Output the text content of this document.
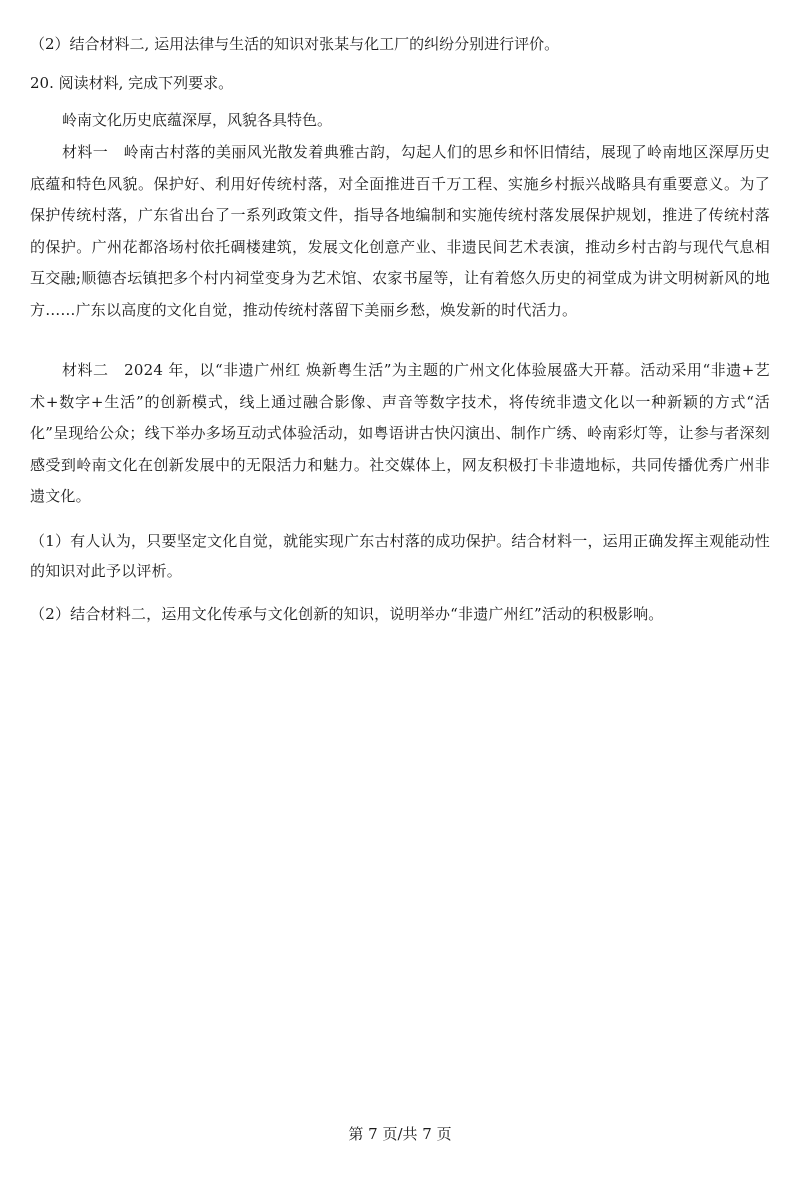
（2）结合材料二, 运用法律与生活的知识对张某与化工厂的纠纷分别进行评价。
20. 阅读材料, 完成下列要求。
岭南文化历史底蕴深厚，风貌各具特色。
材料一　岭南古村落的美丽风光散发着典雅古韵，勾起人们的思乡和怀旧情结，展现了岭南地区深厚历史底蕴和特色风貌。保护好、利用好传统村落，对全面推进百千万工程、实施乡村振兴战略具有重要意义。为了保护传统村落，广东省出台了一系列政策文件，指导各地编制和实施传统村落发展保护规划，推进了传统村落的保护。广州花都洛场村依托碉楼建筑，发展文化创意产业、非遗民间艺术表演，推动乡村古韵与现代气息相互交融;顺德杏坛镇把多个村内祠堂变身为艺术馆、农家书屋等，让有着悠久历史的祠堂成为讲文明树新风的地方……广东以高度的文化自觉，推动传统村落留下美丽乡愁，焕发新的时代活力。
材料二　2024 年，以“非遗广州红 焕新粤生活”为主题的广州文化体验展盛大开幕。活动采用“非遗+艺术+数字+生活”的创新模式，线上通过融合影像、声音等数字技术，将传统非遗文化以一种新颖的方式“活化”呈现给公众；线下举办多场互动式体验活动，如粤语讲古快闪演出、制作广绣、岭南彩灯等，让参与者深刻感受到岭南文化在创新发展中的无限活力和魅力。社交媒体上，网友积极打卡非遗地标，共同传播优秀广州非遗文化。
（1）有人认为，只要坚定文化自觉，就能实现广东古村落的成功保护。结合材料一，运用正确发挥主观能动性的知识对此予以评析。
（2）结合材料二，运用文化传承与文化创新的知识，说明举办“非遗广州红”活动的积极影响。
第 7 页/共 7 页
